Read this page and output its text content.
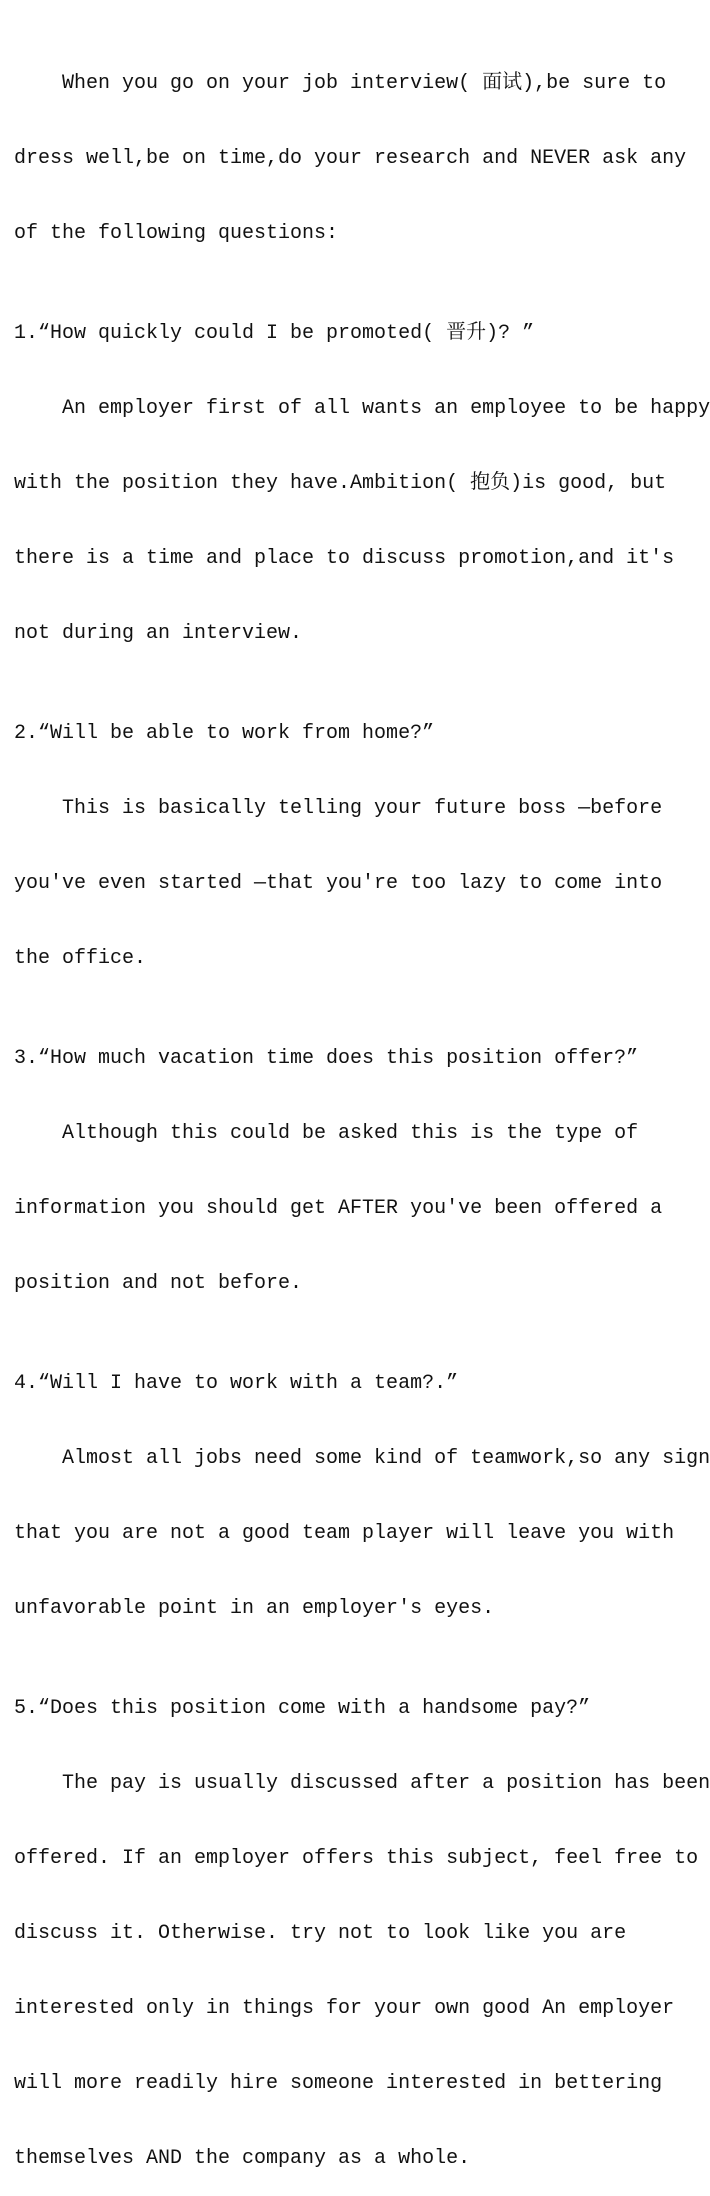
When you go on your job interview( 面试),be sure to

dress well,be on time,do your research and NEVER ask any

of the following questions:

1.“How quickly could I be promoted( 晋升)? ”

An employer first of all wants an employee to be happy

with the position they have.Ambition( 抱负)is good, but

there is a time and place to discuss promotion,and it's

not during an interview.

2.“Will be able to work from home?”

This is basically telling your future boss —before

you've even started —that you're too lazy to come into

the office.

3.“How much vacation time does this position offer?”

Although this could be asked this is the type of

information you should get AFTER you've been offered a

position and not before.

4.“Will I have to work with a team?.”

Almost all jobs need some kind of teamwork,so any sign

that you are not a good team player will leave you with

unfavorable point in an employer's eyes.

5.“Does this position come with a handsome pay?”

The pay is usually discussed after a position has been

offered. If an employer offers this subject, feel free to

discuss it. Otherwise. try not to look like you are

interested only in things for your own good An employer

will more readily hire someone interested in bettering

themselves AND the company as a whole.
